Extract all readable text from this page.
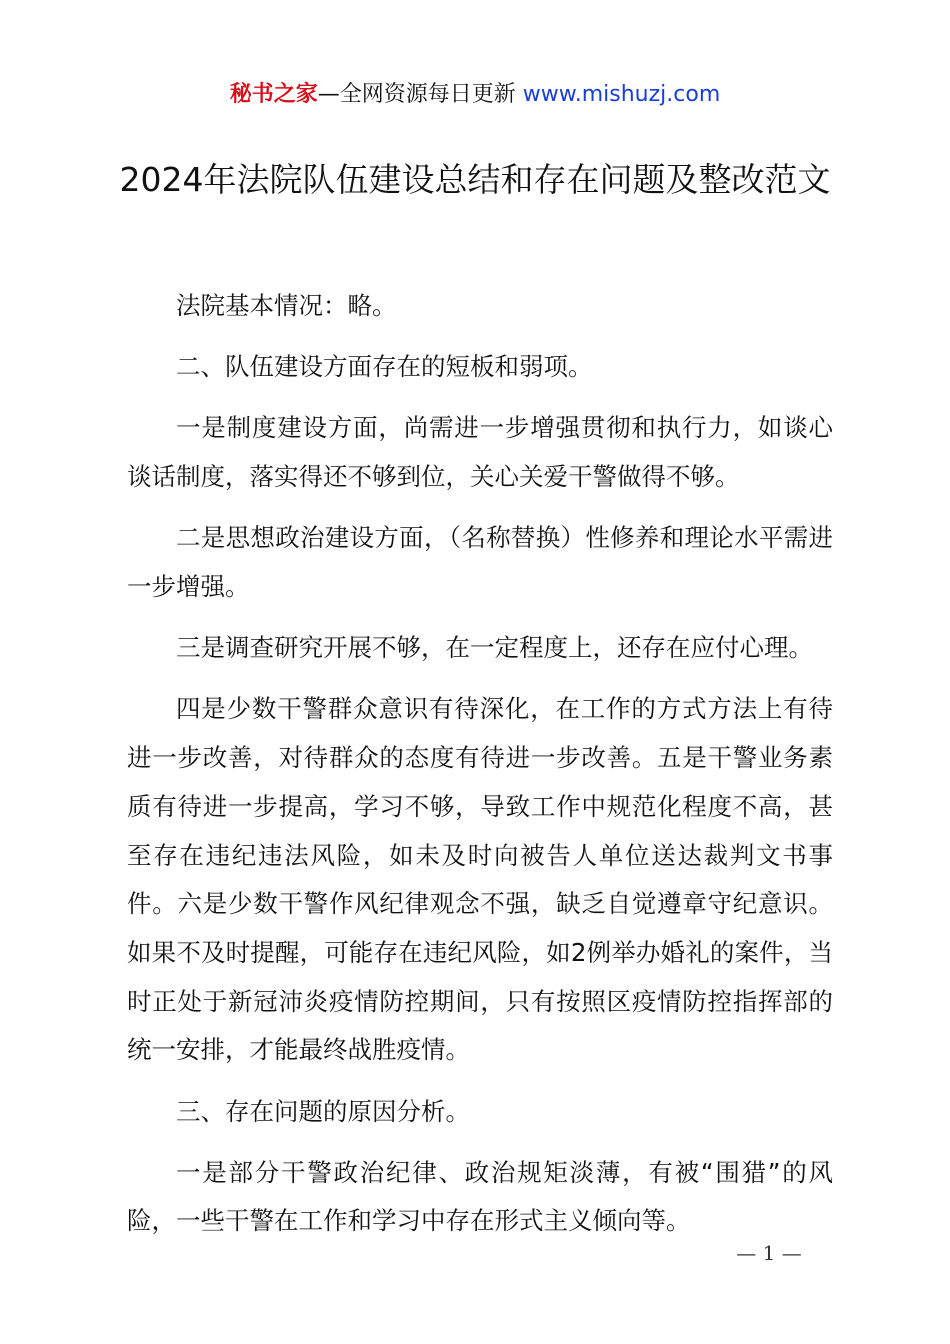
秘书之家—全网资源每日更新 www.mishuzj.com
2024年法院队伍建设总结和存在问题及整改范文

法院基本情况：略。

二、队伍建设方面存在的短板和弱项。

一是制度建设方面，尚需进一步增强贯彻和执行力，如谈心谈话制度，落实得还不够到位，关心关爱干警做得不够。

二是思想政治建设方面，（名称替换）性修养和理论水平需进一步增强。

三是调查研究开展不够，在一定程度上，还存在应付心理。

四是少数干警群众意识有待深化，在工作的方式方法上有待进一步改善，对待群众的态度有待进一步改善。五是干警业务素质有待进一步提高，学习不够，导致工作中规范化程度不高，甚至存在违纪违法风险，如未及时向被告人单位送达裁判文书事件。六是少数干警作风纪律观念不强，缺乏自觉遵章守纪意识。如果不及时提醒，可能存在违纪风险，如2例举办婚礼的案件，当时正处于新冠沛炎疫情防控期间，只有按照区疫情防控指挥部的统一安排，才能最终战胜疫情。

三、存在问题的原因分析。

一是部分干警政治纪律、政治规矩淡薄，有被“围猎”的风险，一些干警在工作和学习中存在形式主义倾向等。

— 1 —
